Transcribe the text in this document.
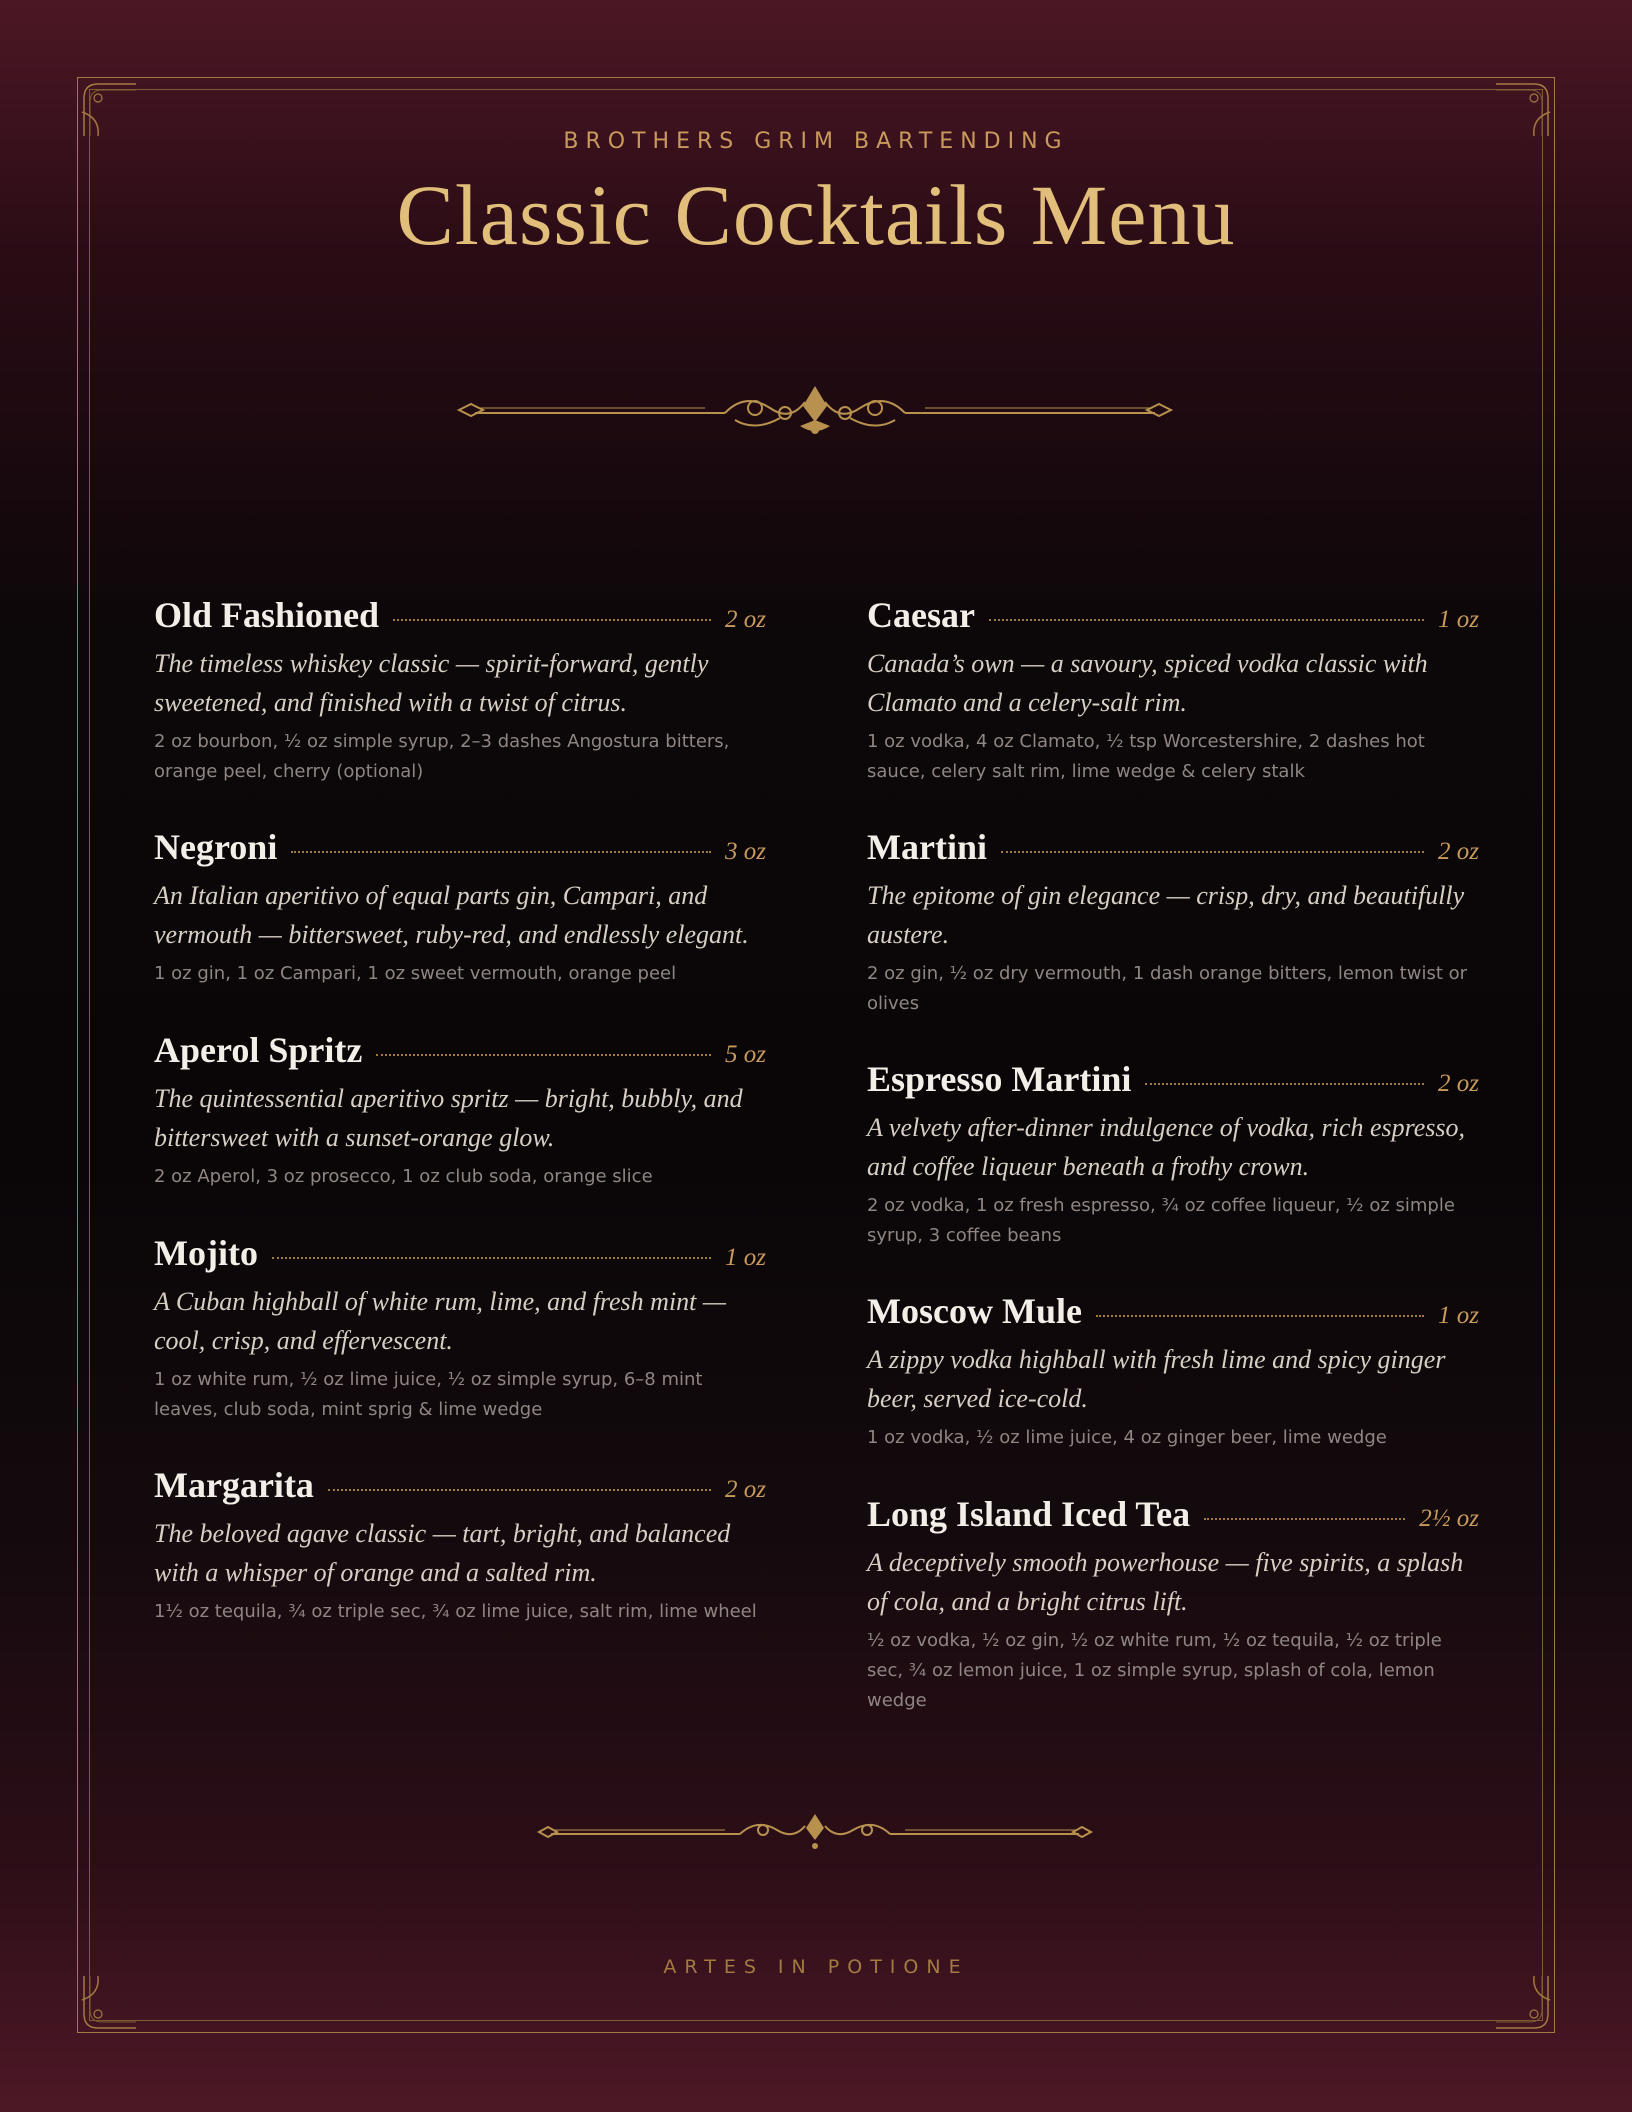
BROTHERS GRIM BARTENDING
Classic Cocktails Menu
Old Fashioned	2 oz
The timeless whiskey classic — spirit-forward, gently sweetened, and finished with a twist of citrus.
2 oz bourbon, ½ oz simple syrup, 2–3 dashes Angostura bitters, orange peel, cherry (optional)
Negroni	3 oz
An Italian aperitivo of equal parts gin, Campari, and vermouth — bittersweet, ruby-red, and endlessly elegant.
1 oz gin, 1 oz Campari, 1 oz sweet vermouth, orange peel
Aperol Spritz	5 oz
The quintessential aperitivo spritz — bright, bubbly, and bittersweet with a sunset-orange glow.
2 oz Aperol, 3 oz prosecco, 1 oz club soda, orange slice
Mojito	1 oz
A Cuban highball of white rum, lime, and fresh mint — cool, crisp, and effervescent.
1 oz white rum, ½ oz lime juice, ½ oz simple syrup, 6–8 mint leaves, club soda, mint sprig & lime wedge
Margarita	2 oz
The beloved agave classic — tart, bright, and balanced with a whisper of orange and a salted rim.
1½ oz tequila, ¾ oz triple sec, ¾ oz lime juice, salt rim, lime wheel
Caesar	1 oz
Canada’s own — a savoury, spiced vodka classic with Clamato and a celery-salt rim.
1 oz vodka, 4 oz Clamato, ½ tsp Worcestershire, 2 dashes hot sauce, celery salt rim, lime wedge & celery stalk
Martini	2 oz
The epitome of gin elegance — crisp, dry, and beautifully austere.
2 oz gin, ½ oz dry vermouth, 1 dash orange bitters, lemon twist or olives
Espresso Martini	2 oz
A velvety after-dinner indulgence of vodka, rich espresso, and coffee liqueur beneath a frothy crown.
2 oz vodka, 1 oz fresh espresso, ¾ oz coffee liqueur, ½ oz simple syrup, 3 coffee beans
Moscow Mule	1 oz
A zippy vodka highball with fresh lime and spicy ginger beer, served ice-cold.
1 oz vodka, ½ oz lime juice, 4 oz ginger beer, lime wedge
Long Island Iced Tea	2½ oz
A deceptively smooth powerhouse — five spirits, a splash of cola, and a bright citrus lift.
½ oz vodka, ½ oz gin, ½ oz white rum, ½ oz tequila, ½ oz triple sec, ¾ oz lemon juice, 1 oz simple syrup, splash of cola, lemon wedge
ARTES IN POTIONE
